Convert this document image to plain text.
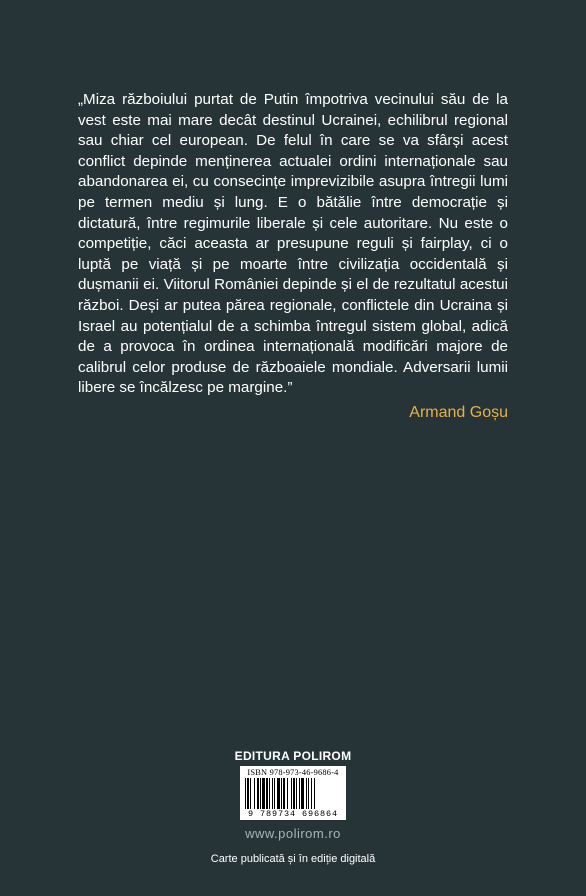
„Miza războiului purtat de Putin împotriva vecinului său de la vest este mai mare decât destinul Ucrainei, echilibrul regional sau chiar cel european. De felul în care se va sfârși acest conflict depinde menținerea actualei ordini internaționale sau abandonarea ei, cu consecințe imprevizibile asupra întregii lumi pe termen mediu și lung. E o bătălie între democrație și dictatură, între regimurile liberale și cele autoritare. Nu este o competiție, căci aceasta ar presupune reguli și fairplay, ci o luptă pe viață și pe moarte între civilizația occidentală și dușmanii ei. Viitorul României depinde și el de rezultatul acestui război. Deși ar putea părea regionale, conflictele din Ucraina și Israel au potențialul de a schimba întregul sistem global, adică de a provoca în ordinea internațională modificări majore de calibrul celor produse de războaiele mondiale. Adversarii lumii libere se încălzesc pe margine.”

Armand Goșu
EDITURA POLIROM
ISBN 978-973-46-9686-4
9 789734 696864
www.polirom.ro
Carte publicată și în ediție digitală
